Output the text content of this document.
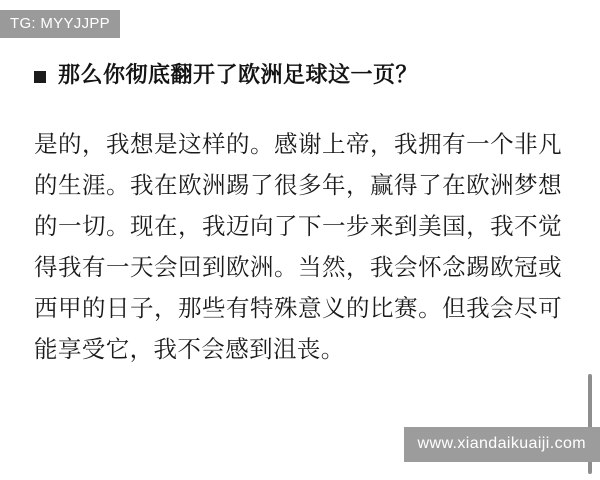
TG: MYYJJPP
那么你彻底翻开了欧洲足球这一页？
是的，我想是这样的。感谢上帝，我拥有一个非凡的生涯。我在欧洲踢了很多年，赢得了在欧洲梦想的一切。现在，我迈向了下一步来到美国，我不觉得我有一天会回到欧洲。当然，我会怀念踢欧冠或西甲的日子，那些有特殊意义的比赛。但我会尽可能享受它，我不会感到沮丧。
www.xiandaikuaiji.com
